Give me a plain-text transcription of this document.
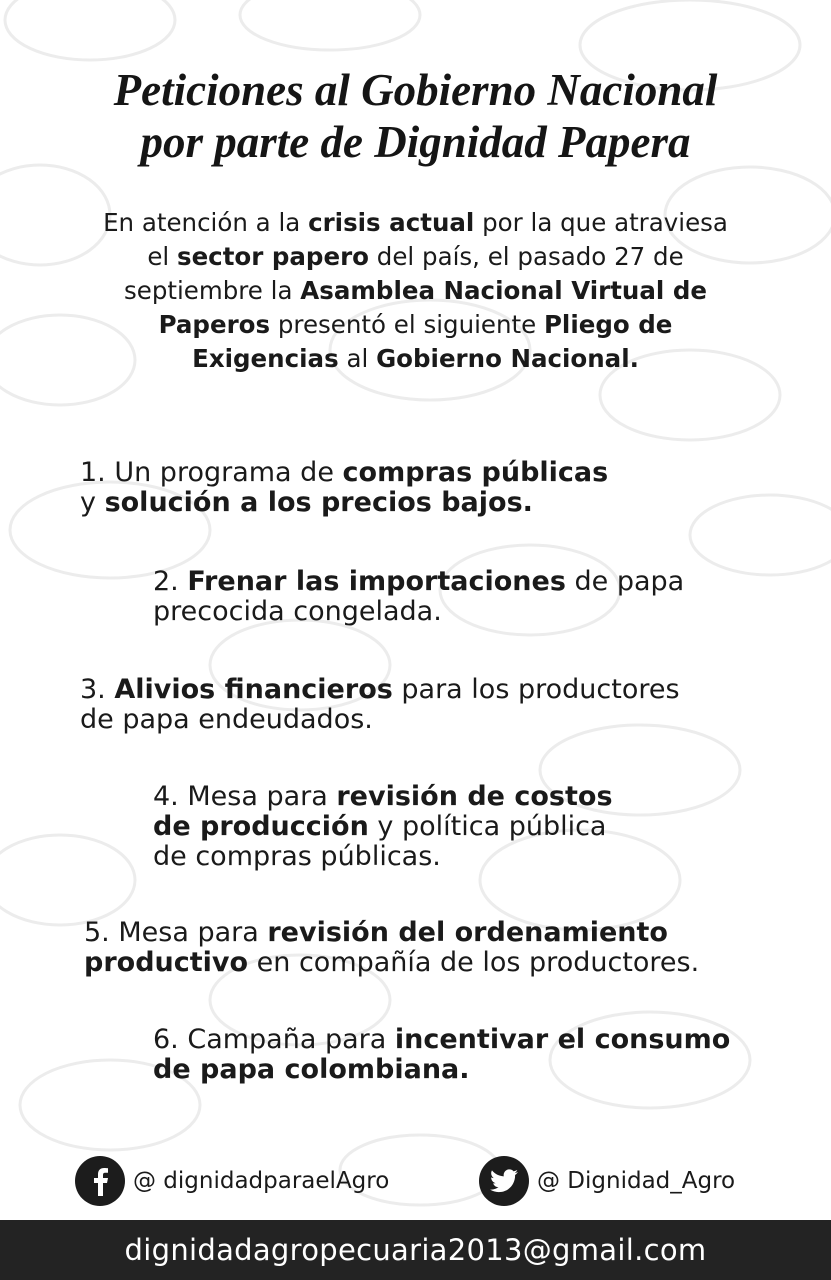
Peticiones al Gobierno Nacional
por parte de Dignidad Papera
En atención a la crisis actual por la que atraviesa el sector papero del país, el pasado 27 de septiembre la Asamblea Nacional Virtual de Paperos presentó el siguiente Pliego de Exigencias al Gobierno Nacional.
1. Un programa de compras públicas
y solución a los precios bajos.
2. Frenar las importaciones de papa
precocida congelada.
3. Alivios financieros para los productores
de papa endeudados.
4. Mesa para revisión de costos
de producción y política pública
de compras públicas.
5. Mesa para revisión del ordenamiento
productivo en compañía de los productores.
6. Campaña para incentivar el consumo
de papa colombiana.
@ dignidadparaelAgro	@ Dignidad_Agro
dignidadagropecuaria2013@gmail.com
